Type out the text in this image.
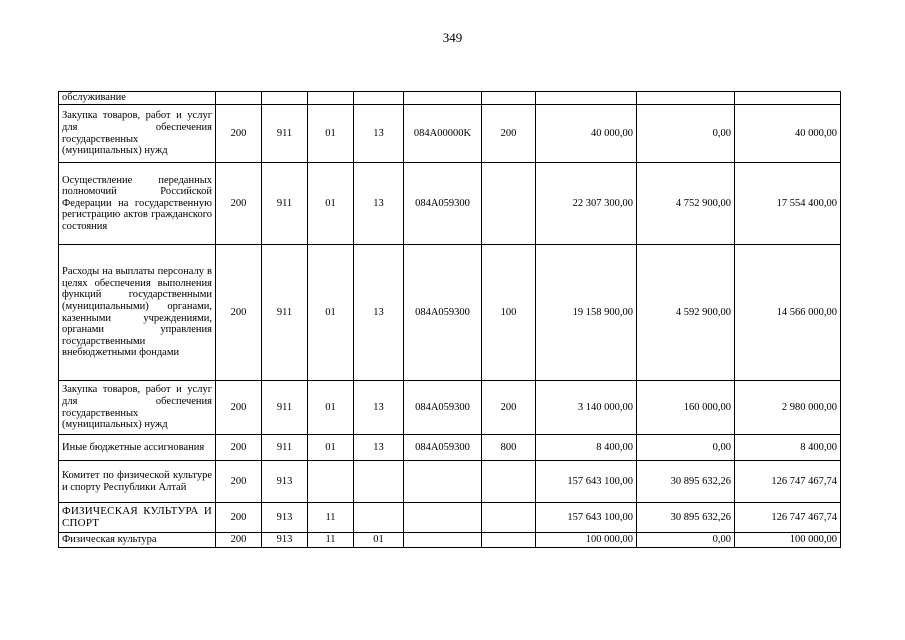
349
обслуживание									
Закупка товаров, работ и услуг для обеспечения государственных (муниципальных) нужд	200	911	01	13	084A00000K	200	40 000,00	0,00	40 000,00
Осуществление переданных полномочий Российской Федерации на государственную регистрацию актов гражданского состояния	200	911	01	13	084A059300		22 307 300,00	4 752 900,00	17 554 400,00
Расходы на выплаты персоналу в целях обеспечения выполнения функций государственными (муниципальными) органами, казенными учреждениями, органами управления государственными внебюджетными фондами	200	911	01	13	084A059300	100	19 158 900,00	4 592 900,00	14 566 000,00
Закупка товаров, работ и услуг для обеспечения государственных (муниципальных) нужд	200	911	01	13	084A059300	200	3 140 000,00	160 000,00	2 980 000,00
Иные бюджетные ассигнования	200	911	01	13	084A059300	800	8 400,00	0,00	8 400,00
Комитет по физической культуре и спорту Республики Алтай	200	913					157 643 100,00	30 895 632,26	126 747 467,74
ФИЗИЧЕСКАЯ КУЛЬТУРА И СПОРТ	200	913	11				157 643 100,00	30 895 632,26	126 747 467,74
Физическая культура	200	913	11	01			100 000,00	0,00	100 000,00
